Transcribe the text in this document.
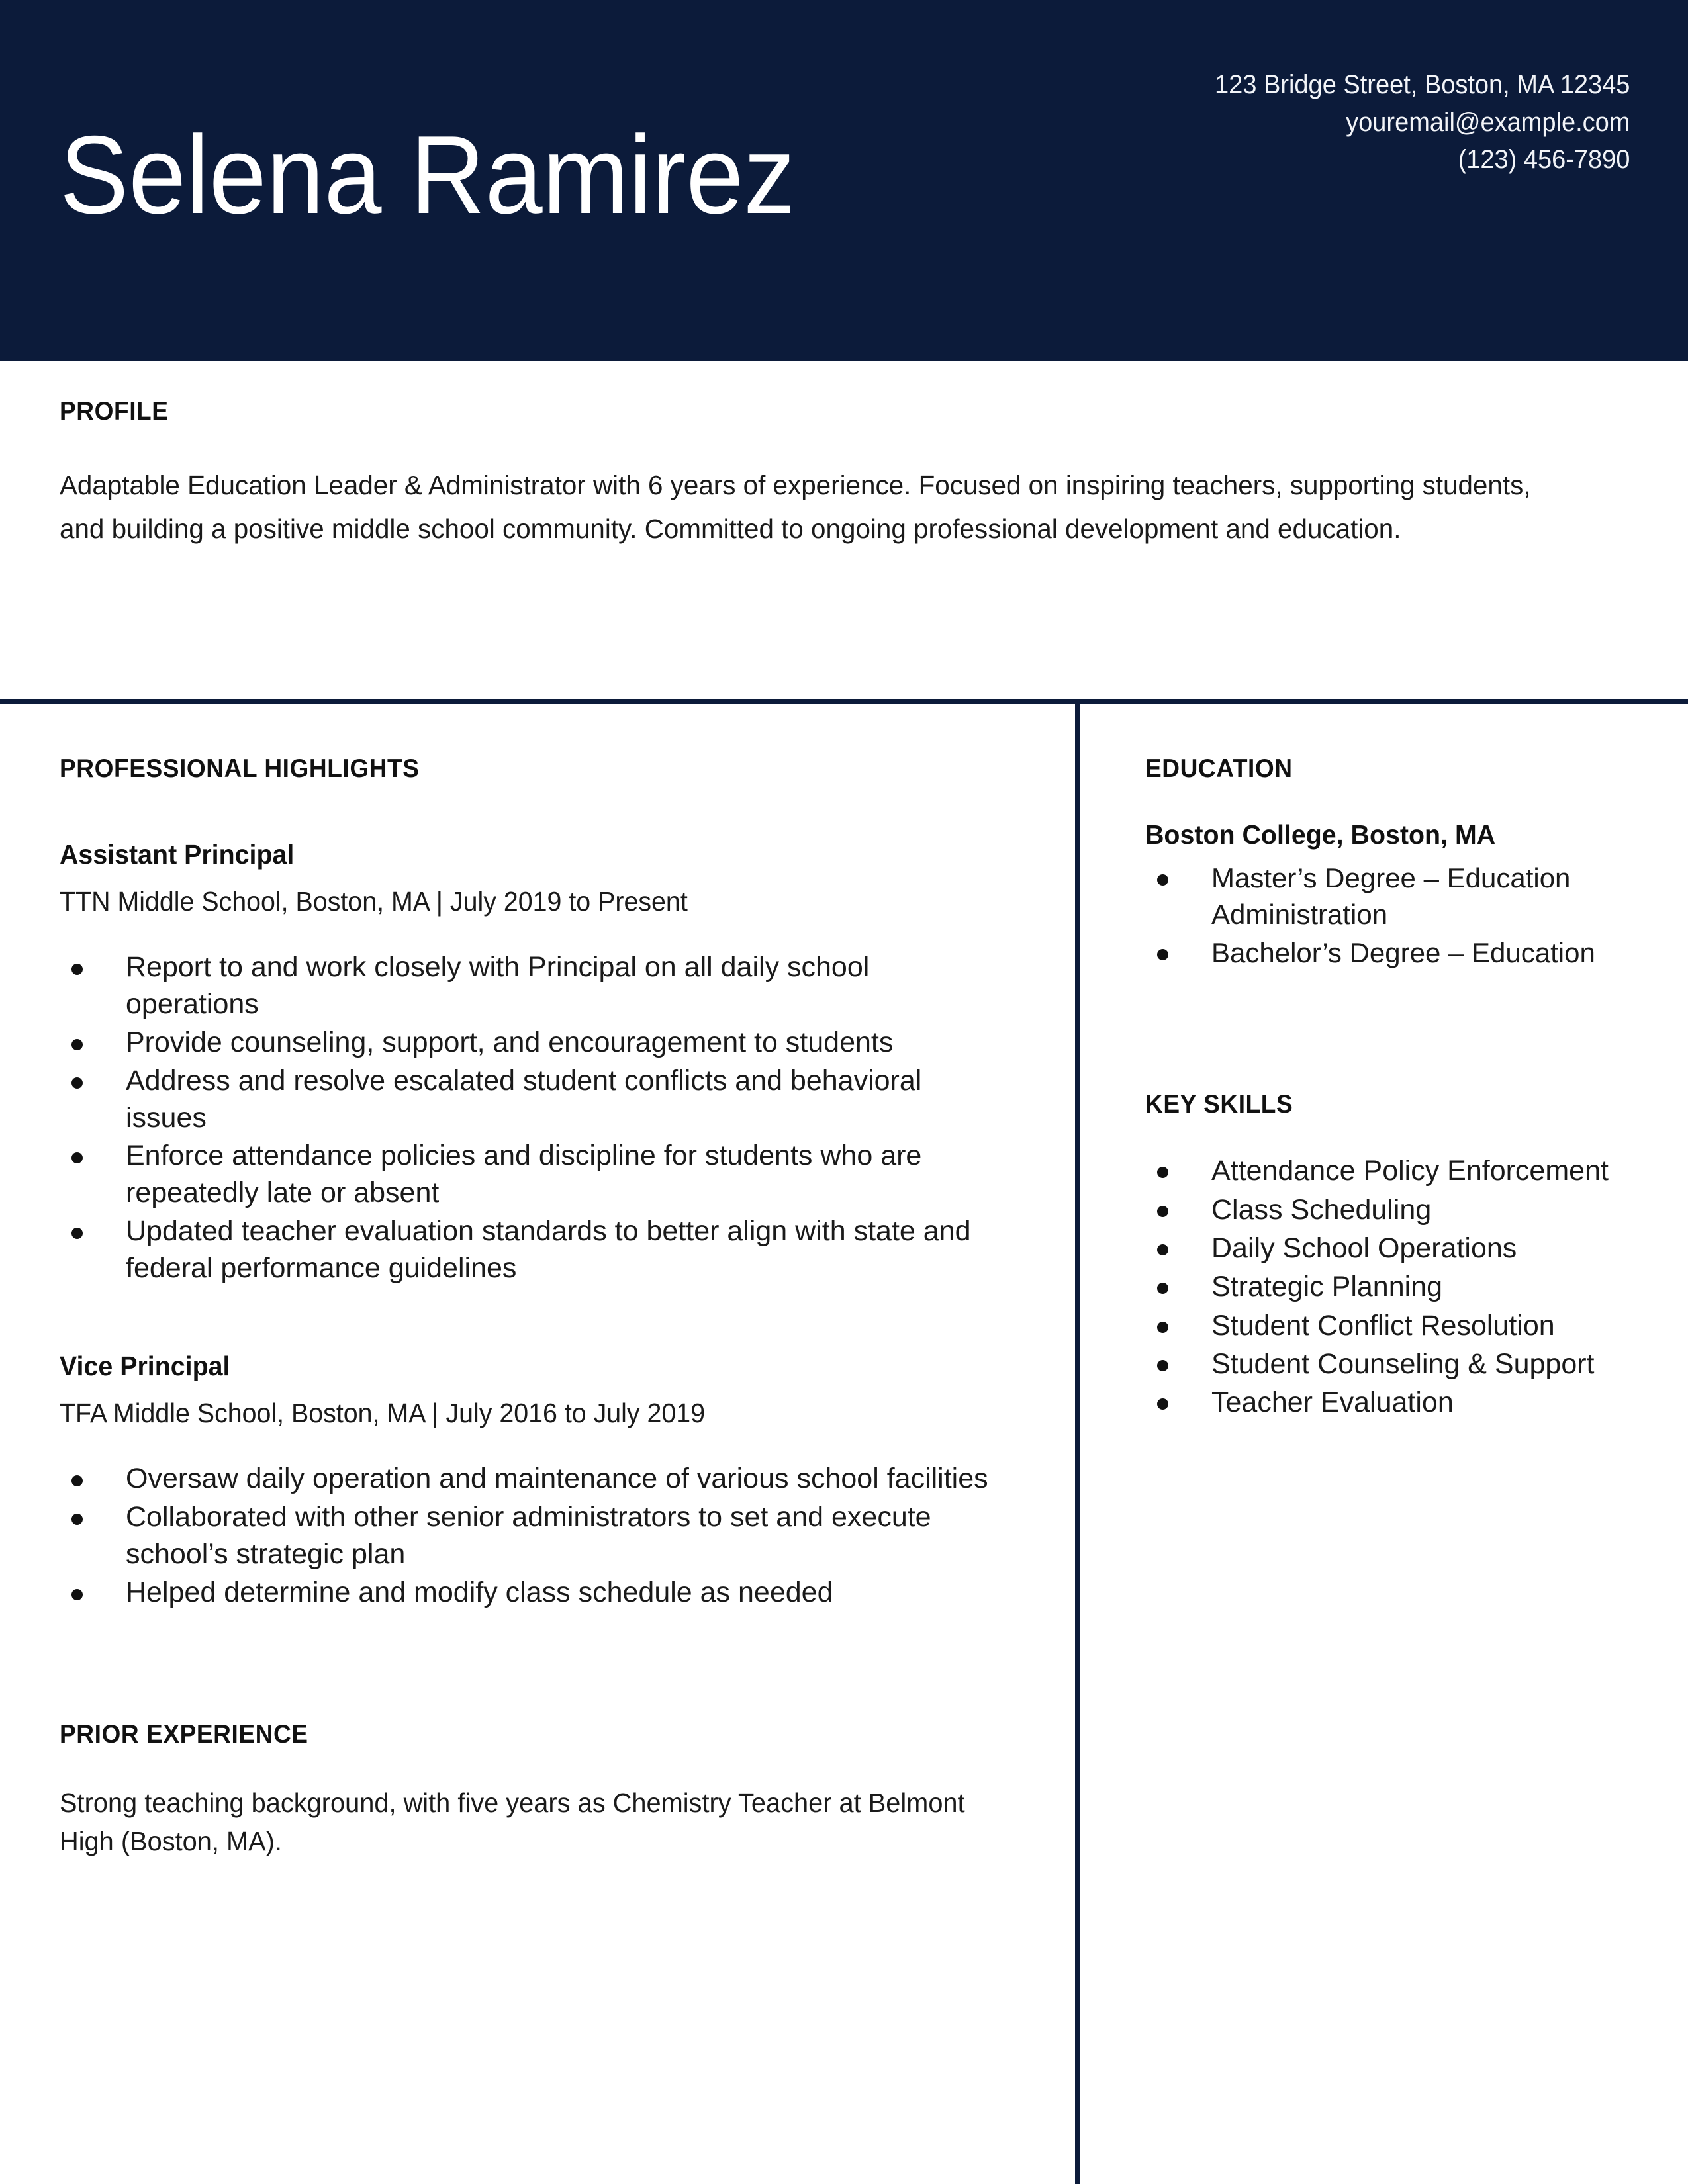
Selena Ramirez
123 Bridge Street, Boston, MA 12345
youremail@example.com
(123) 456-7890
PROFILE

Adaptable Education Leader & Administrator with 6 years of experience. Focused on inspiring teachers, supporting students, and building a positive middle school community. Committed to ongoing professional development and education.

PROFESSIONAL HIGHLIGHTS

Assistant Principal

TTN Middle School, Boston, MA | July 2019 to Present

Report to and work closely with Principal on all daily school operations
Provide counseling, support, and encouragement to students
Address and resolve escalated student conflicts and behavioral issues
Enforce attendance policies and discipline for students who are repeatedly late or absent
Updated teacher evaluation standards to better align with state and federal performance guidelines

Vice Principal

TFA Middle School, Boston, MA | July 2016 to July 2019

Oversaw daily operation and maintenance of various school facilities
Collaborated with other senior administrators to set and execute school’s strategic plan
Helped determine and modify class schedule as needed
PRIOR EXPERIENCE

Strong teaching background, with five years as Chemistry Teacher at Belmont High (Boston, MA).

EDUCATION

Boston College, Boston, MA

Master’s Degree – Education Administration
Bachelor’s Degree – Education
KEY SKILLS
Attendance Policy Enforcement
Class Scheduling
Daily School Operations
Strategic Planning
Student Conflict Resolution
Student Counseling & Support
Teacher Evaluation
